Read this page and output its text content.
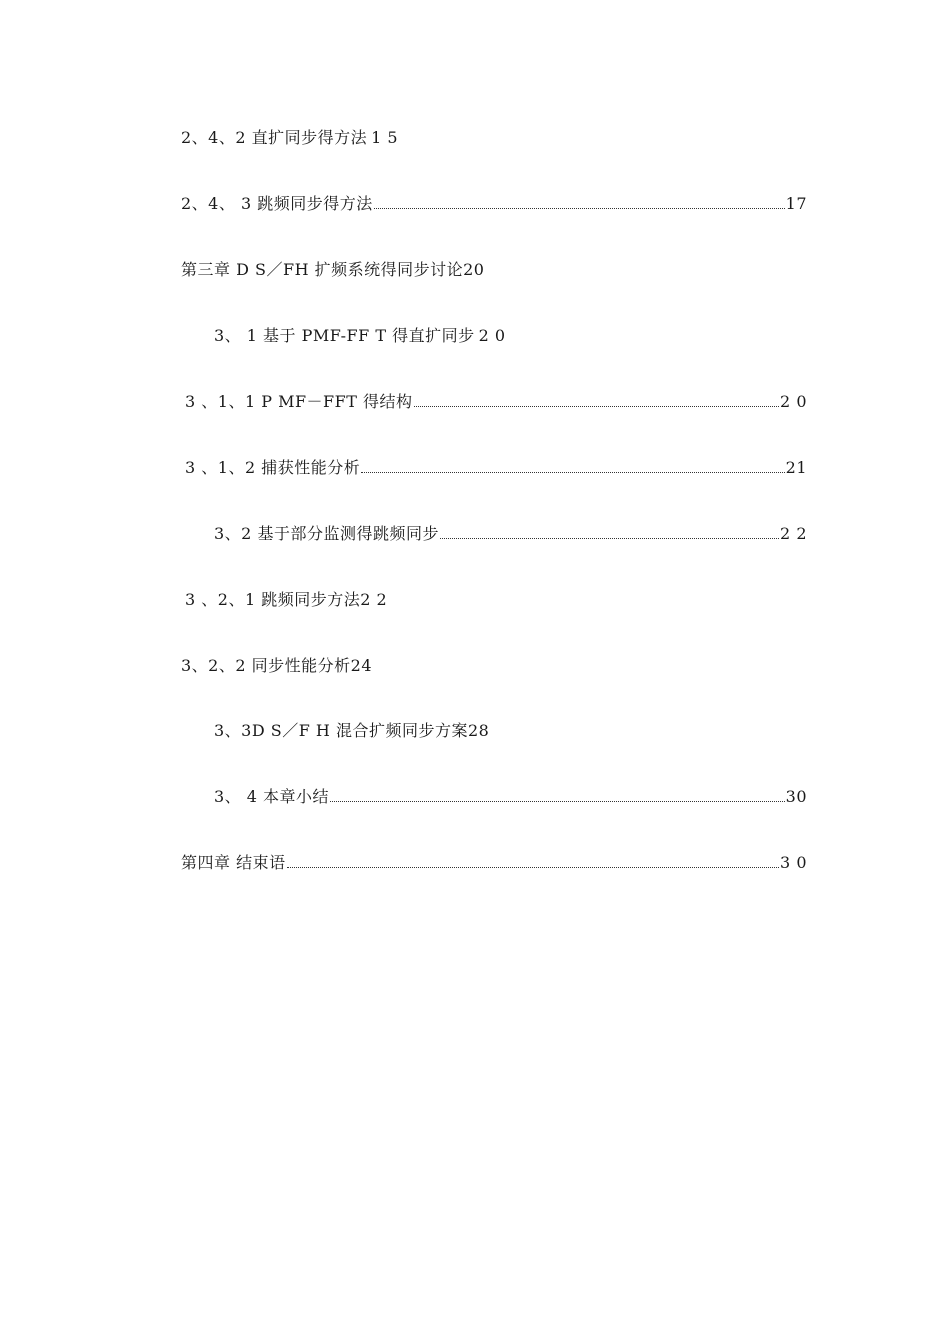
2、4、2 直扩同步得方法 1 5
2、4、 3 跳频同步得方法	17
第三章 D S／FH 扩频系统得同步讨论 20
3、 1 基于 PMF-FF T 得直扩同步 2 0
3 、1、1 P MF－FFT 得结构	2 0
3 、1、2 捕获性能分析	21
3、2 基于部分监测得跳频同步	2 2
3 、2、1 跳频同步方法 2 2
3、2、2 同步性能分析 24
3、3D S／F H 混合扩频同步方案 28
3、 4 本章小结	30
第四章 结束语	3 0
